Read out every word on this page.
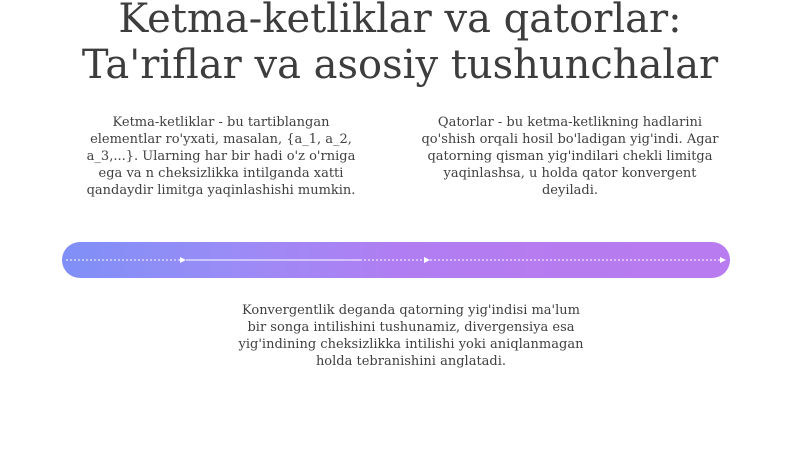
Ketma-ketliklar va qatorlar:
Ta'riflar va asosiy tushunchalar
Ketma-ketliklar - bu tartiblangan elementlar ro'yxati, masalan, {a_1, a_2, a_3,...}. Ularning har bir hadi o'z o'rniga ega va n cheksizlikka intilganda xatti qandaydir limitga yaqinlashishi mumkin.
Qatorlar - bu ketma-ketlikning hadlarini qo'shish orqali hosil bo'ladigan yig'indi. Agar qatorning qisman yig'indilari chekli limitga yaqinlashsa, u holda qator konvergent deyiladi.
Konvergentlik deganda qatorning yig'indisi ma'lum bir songa intilishini tushunamiz, divergensiya esa yig'indining cheksizlikka intilishi yoki aniqlanmagan holda tebranishini anglatadi.
